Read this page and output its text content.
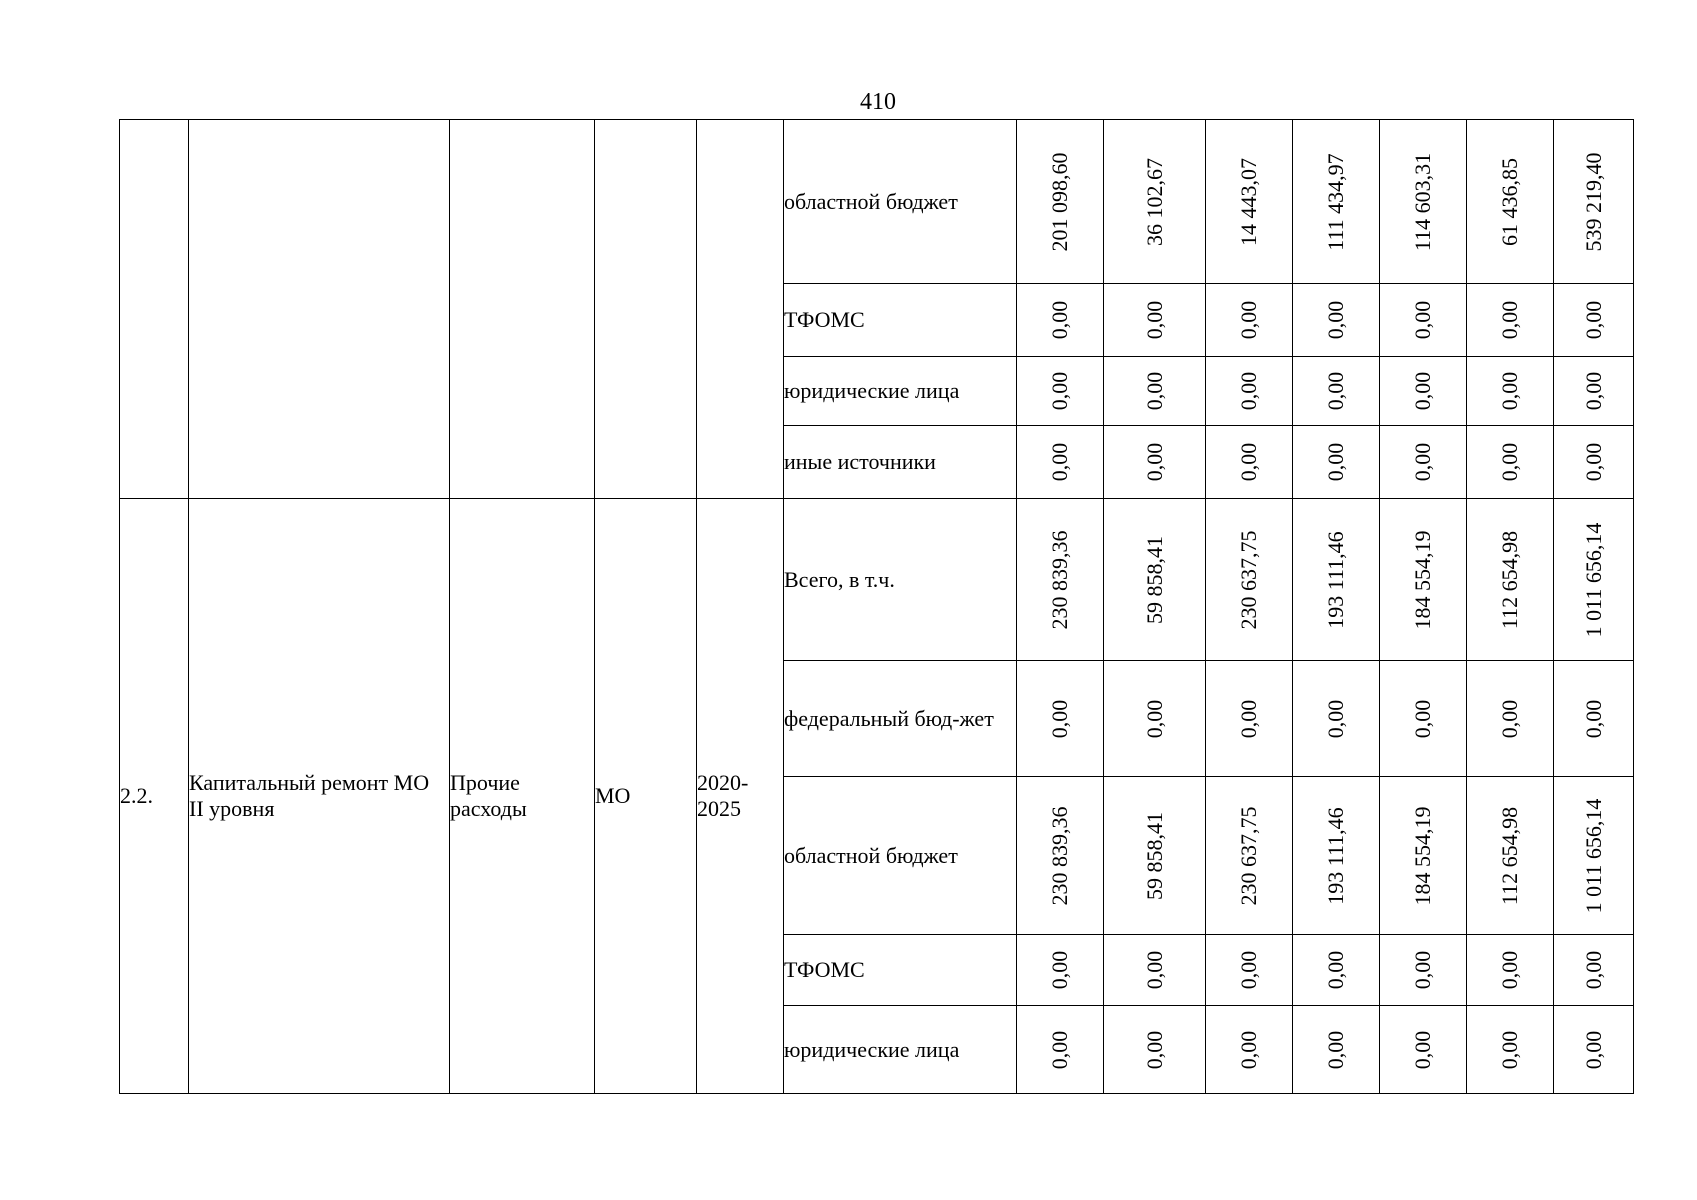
410
					областной бюджет	201 098,60	36 102,67	14 443,07	111 434,97	114 603,31	61 436,85	539 219,40

					ТФОМС	0,00	0,00	0,00	0,00	0,00	0,00	0,00

					юридические лица	0,00	0,00	0,00	0,00	0,00	0,00	0,00

					иные источники	0,00	0,00	0,00	0,00	0,00	0,00	0,00

2.2.	Капитальный ремонт МО II уровня	Прочие расходы	МО	2020-2025	Всего, в т.ч.	230 839,36	59 858,41	230 637,75	193 111,46	184 554,19	112 654,98	1 011 656,14

					федеральный бюд-жет	0,00	0,00	0,00	0,00	0,00	0,00	0,00

					областной бюджет	230 839,36	59 858,41	230 637,75	193 111,46	184 554,19	112 654,98	1 011 656,14

					ТФОМС	0,00	0,00	0,00	0,00	0,00	0,00	0,00

					юридические лица	0,00	0,00	0,00	0,00	0,00	0,00	0,00
